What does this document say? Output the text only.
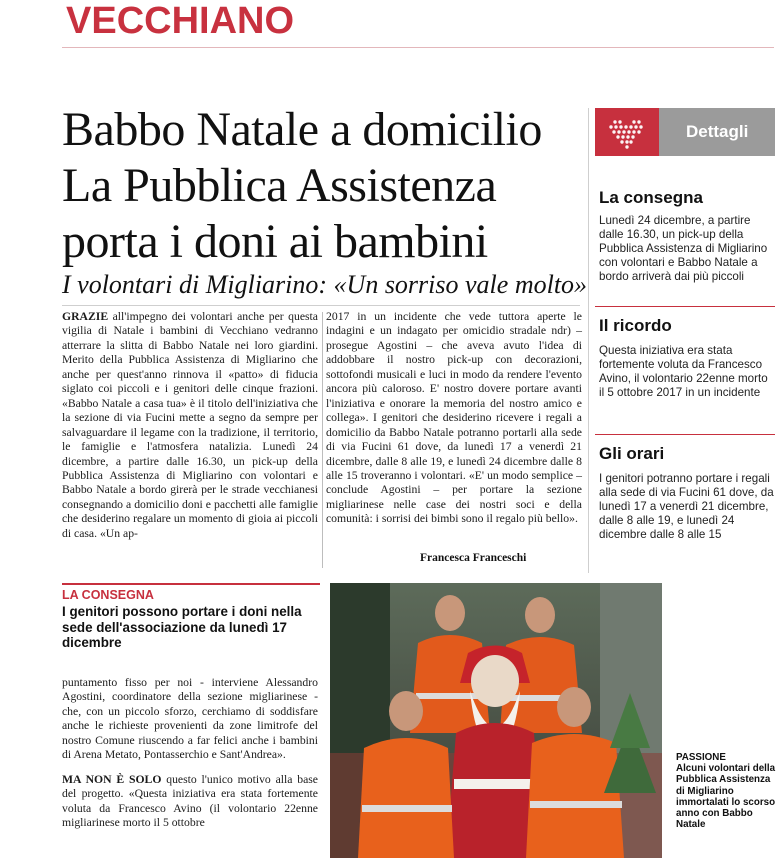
VECCHIANO
Babbo Natale a domicilio
La Pubblica Assistenza
porta i doni ai bambini
I volontari di Migliarino: «Un sorriso vale molto»
GRAZIE all'impegno dei volontari anche per questa vigilia di Natale i bambini di Vecchiano vedranno atterrare la slitta di Babbo Natale nei loro giardini. Merito della Pubblica Assistenza di Migliarino che anche per quest'anno rinnova il «patto» di fiducia siglato coi piccoli e i genitori delle cinque frazioni. «Babbo Natale a casa tua» è il titolo dell'iniziativa che la sezione di via Fucini mette a segno da sempre per salvaguardare il legame con la tradizione, il territorio, le famiglie e l'atmosfera natalizia. Lunedì 24 dicembre, a partire dalle 16.30, un pick-up della Pubblica Assistenza di Migliarino con volontari e Babbo Natale a bordo girerà per le strade vecchianesi consegnando a domicilio doni e pacchetti alle famiglie che desiderino regalare un momento di gioia ai piccoli di casa. «Un ap-
2017 in un incidente che vede tuttora aperte le indagini e un indagato per omicidio stradale ndr) – prosegue Agostini – che aveva avuto l'idea di addobbare il nostro pick-up con decorazioni, sottofondi musicali e luci in modo da rendere l'evento ancora più caloroso. E' nostro dovere portare avanti l'iniziativa e onorare la memoria del nostro amico e collega». I genitori che desiderino ricevere i regali a domicilio da Babbo Natale potranno portarli alla sede di via Fucini 61 dove, da lunedì 17 a venerdì 21 dicembre, dalle 8 alle 19, e lunedì 24 dicembre dalle 8 alle 15 troveranno i volontari. «E' un modo semplice – conclude Agostini – per portare la sezione migliarinese nelle case dei nostri soci e della comunità: i sorrisi dei bimbi sono il regalo più bello».
Francesca Franceschi
Dettagli
La consegna
Lunedì 24 dicembre, a partire dalle 16.30, un pick-up della Pubblica Assistenza di Migliarino con volontari e Babbo Natale a bordo arriverà dai più piccoli
Il ricordo
Questa iniziativa era stata fortemente voluta da Francesco Avino, il volontario 22enne morto il 5 ottobre 2017 in un incidente
Gli orari
I genitori potranno portare i regali alla sede di via Fucini 61 dove, da lunedì 17 a venerdì 21 dicembre, dalle 8 alle 19, e lunedì 24 dicembre dalle 8 alle 15
LA CONSEGNA
I genitori possono portare i doni nella sede dell'associazione da lunedì 17 dicembre
puntamento fisso per noi - interviene Alessandro Agostini, coordinatore della sezione migliarinese - che, con un piccolo sforzo, cerchiamo di soddisfare anche le richieste provenienti da zone limitrofe del nostro Comune riuscendo a far felici anche i bambini di Arena Metato, Pontasserchio e Sant'Andrea».
MA NON È SOLO questo l'unico motivo alla base del progetto. «Questa iniziativa era stata fortemente voluta da Francesco Avino (il volontario 22enne migliarinese morto il 5 ottobre
PASSIONE
Alcuni volontari della Pubblica Assistenza di Migliarino immortalati lo scorso anno con Babbo Natale
